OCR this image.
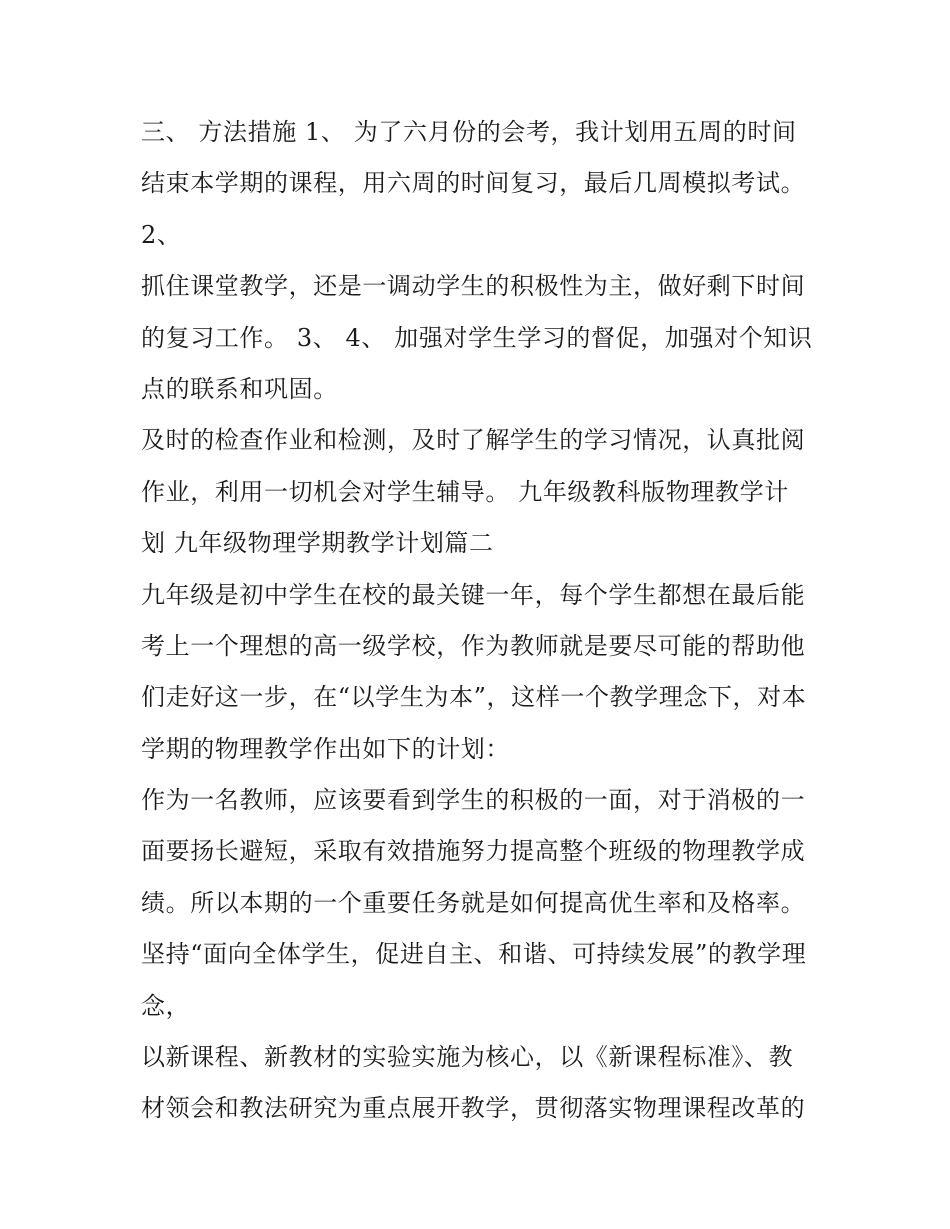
三、 方法措施 1、 为了六月份的会考，我计划用五周的时间
结束本学期的课程，用六周的时间复习，最后几周模拟考试。
2、
抓住课堂教学，还是一调动学生的积极性为主，做好剩下时间
的复习工作。 3、 4、 加强对学生学习的督促，加强对个知识
点的联系和巩固。
及时的检查作业和检测，及时了解学生的学习情况，认真批阅
作业，利用一切机会对学生辅导。 九年级教科版物理教学计
划 九年级物理学期教学计划篇二
九年级是初中学生在校的最关键一年，每个学生都想在最后能
考上一个理想的高一级学校，作为教师就是要尽可能的帮助他
们走好这一步，在“以学生为本”，这样一个教学理念下，对本
学期的物理教学作出如下的计划：
作为一名教师，应该要看到学生的积极的一面，对于消极的一
面要扬长避短，采取有效措施努力提高整个班级的物理教学成
绩。所以本期的一个重要任务就是如何提高优生率和及格率。
坚持“面向全体学生，促进自主、和谐、可持续发展”的教学理
念，
以新课程、新教材的实验实施为核心，以《新课程标准》、教
材领会和教法研究为重点展开教学，贯彻落实物理课程改革的
